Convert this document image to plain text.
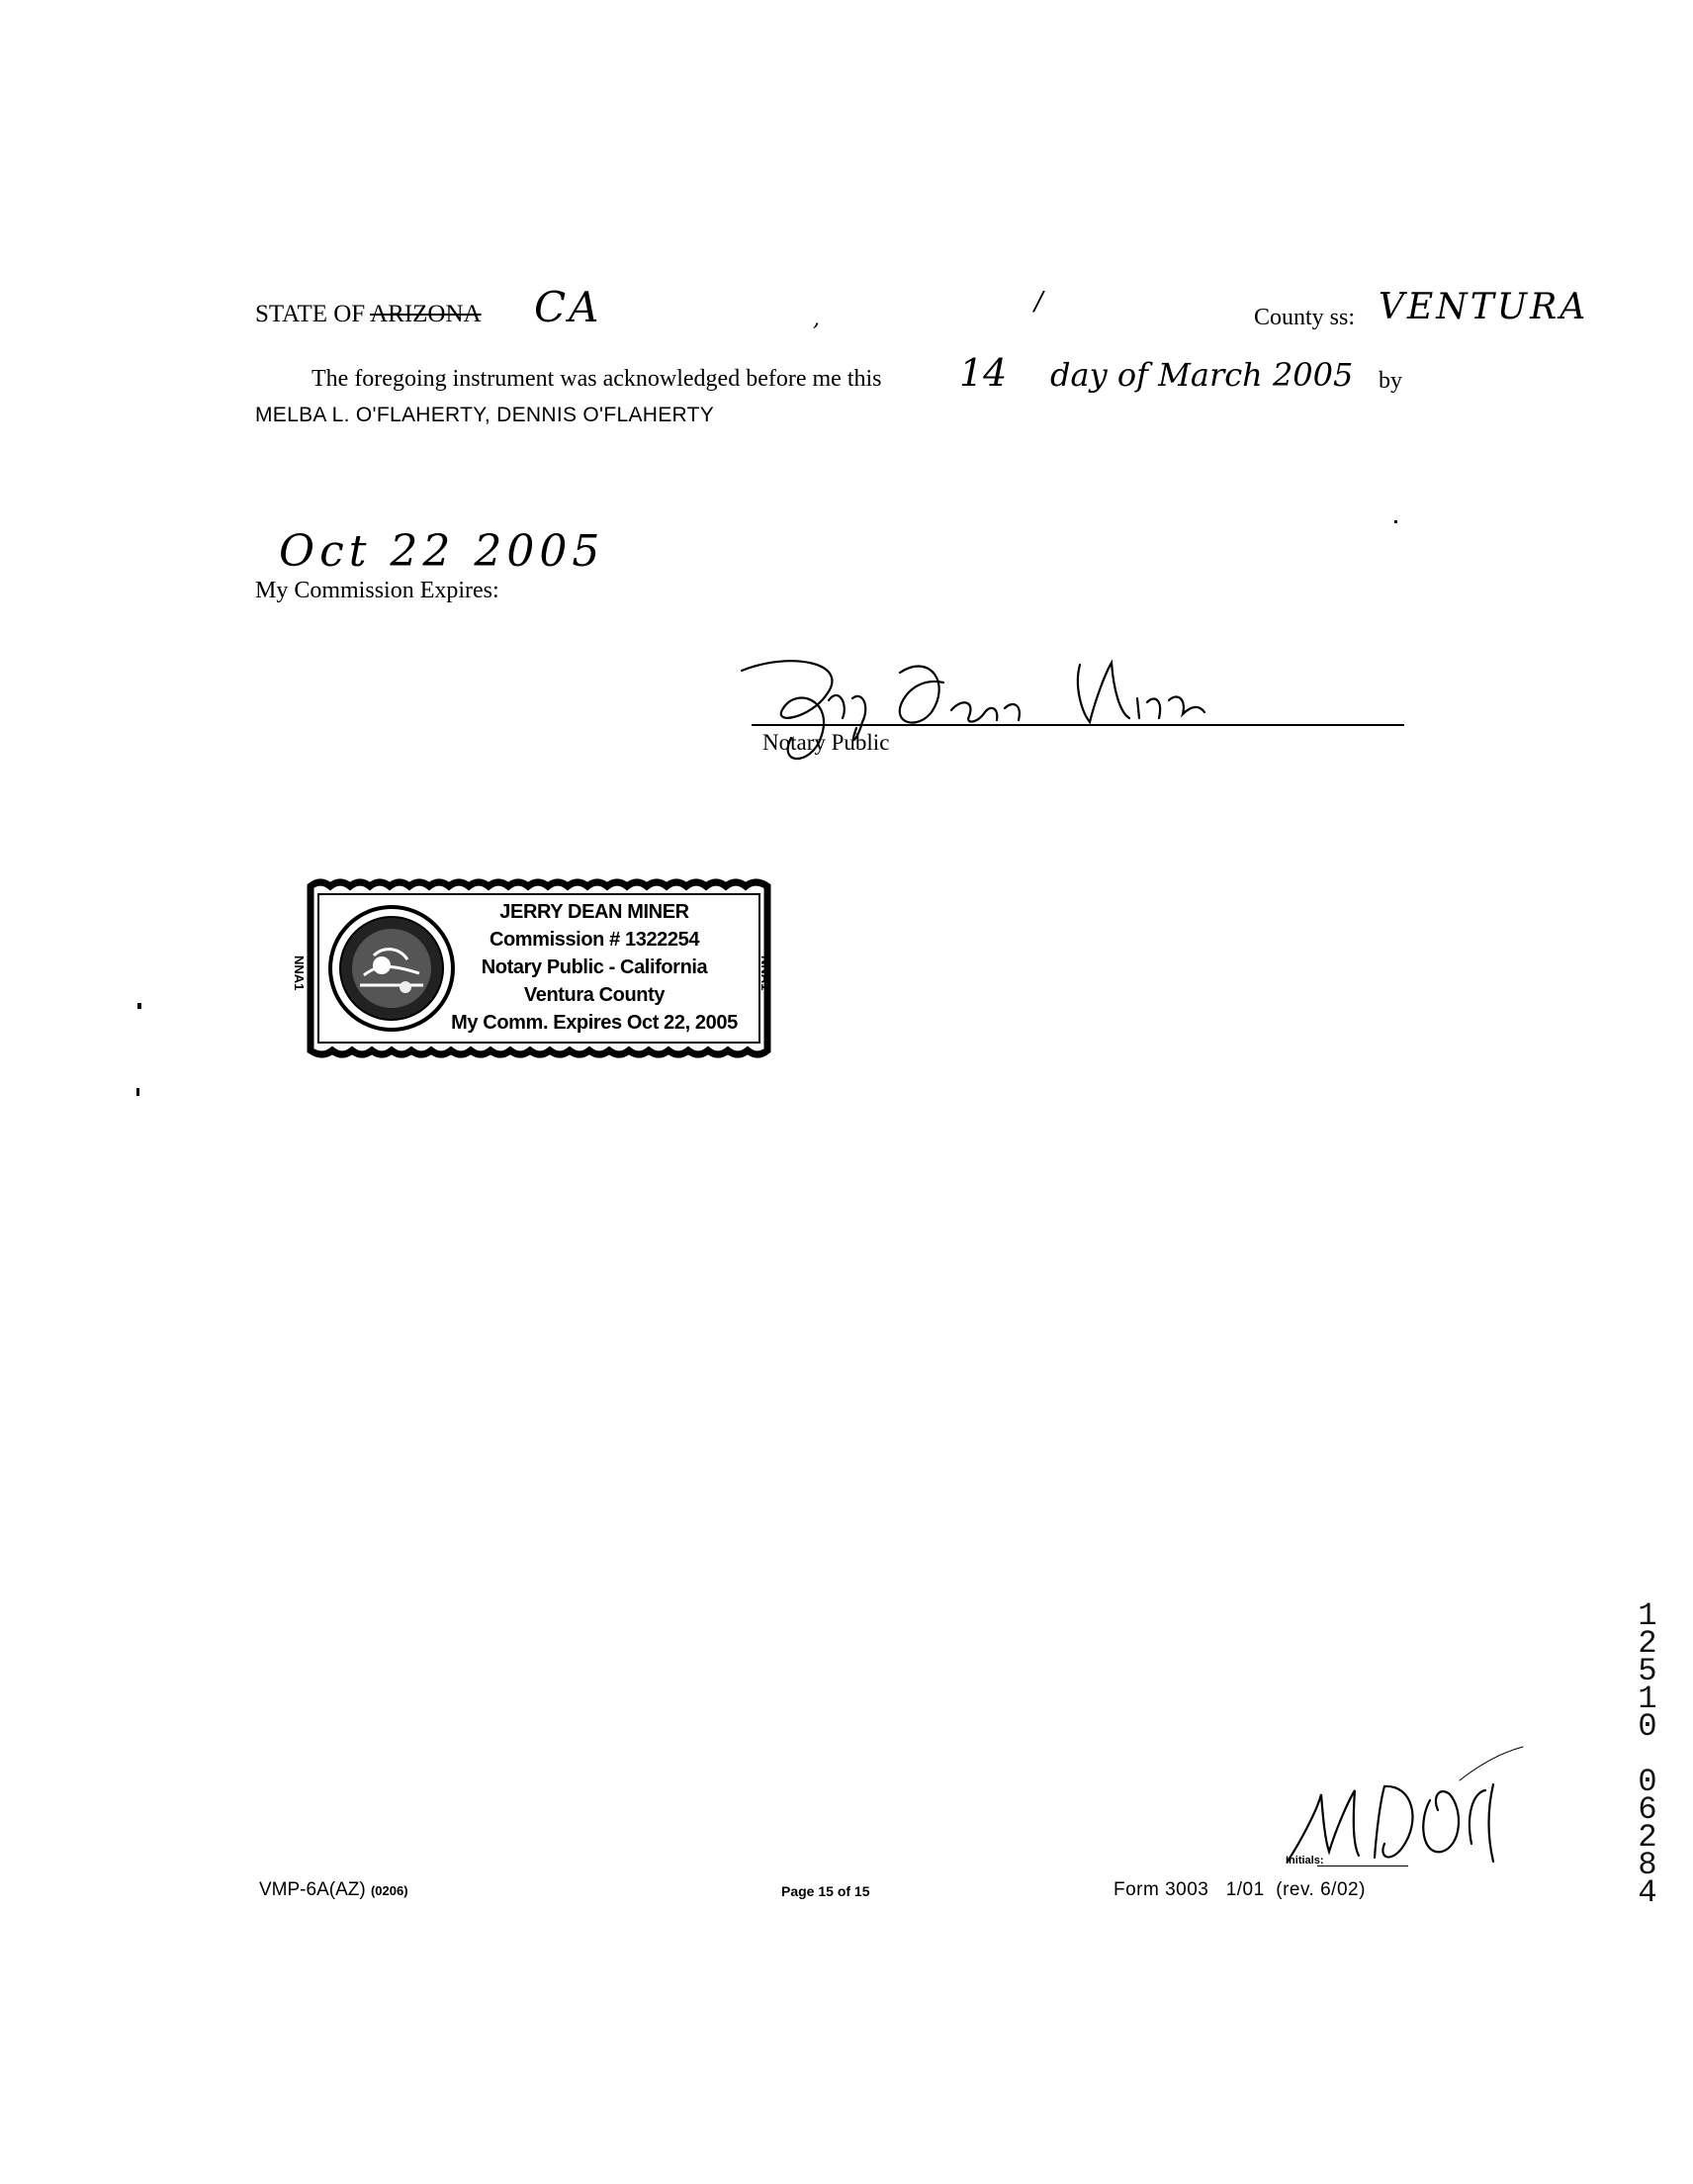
STATE OF ARIZONA CA	,
/
County ss: VENTURA
The foregoing instrument was acknowledged before me this 14 day of March 2005 by
MELBA L. O'FLAHERTY, DENNIS O'FLAHERTY
Oct 22 2005
My Commission Expires:
Notary Public
NNA1	NNA1
JERRY DEAN MINER
Commission # 1322254
Notary Public - California
Ventura County
My Comm. Expires Oct 22, 2005
Initials:
VMP-6A(AZ) (0206)	Page 15 of 15	Form 3003   1/01  (rev. 6/02)
1
2
5
1
0
0
6
2
8
4
